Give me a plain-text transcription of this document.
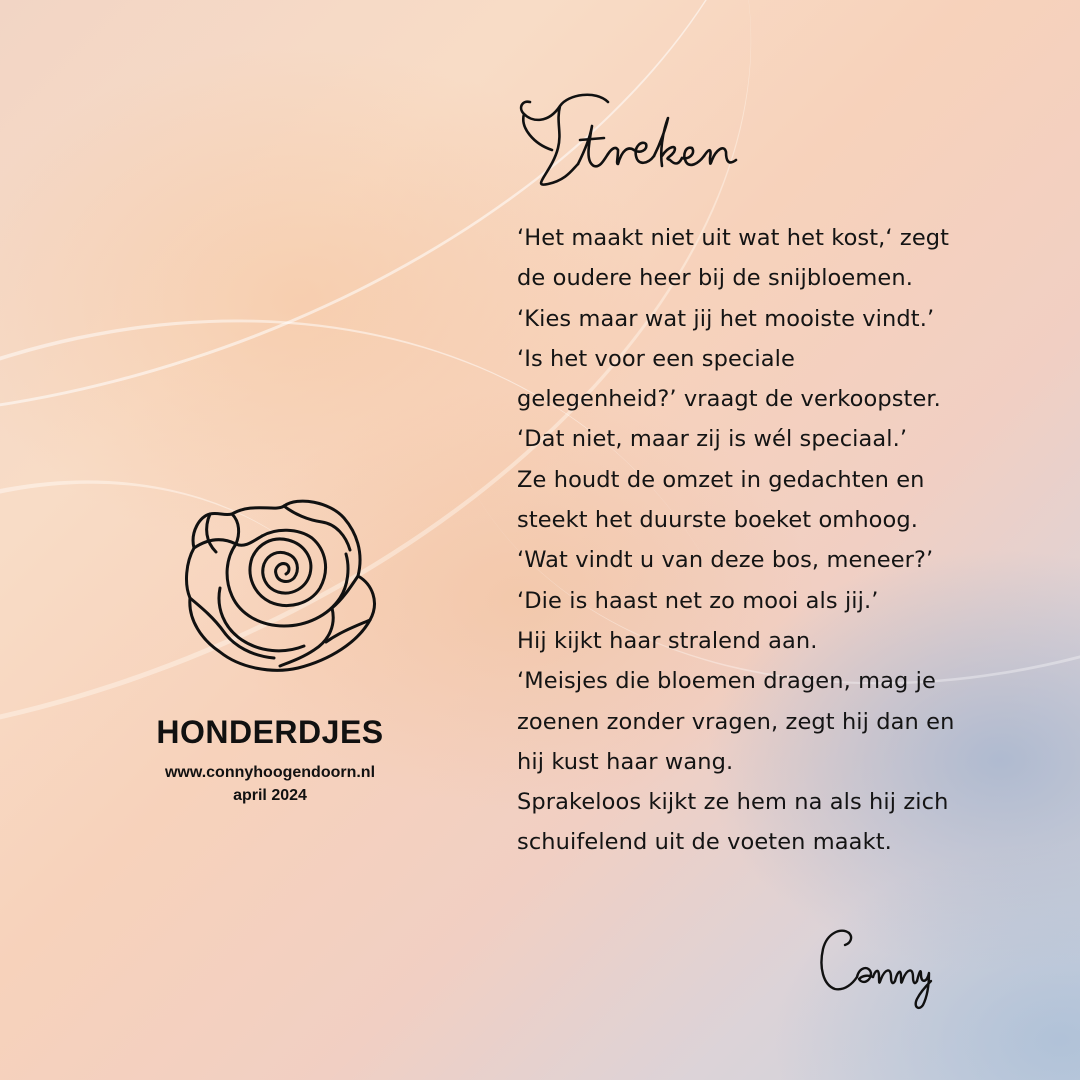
‘Het maakt niet uit wat het kost,‘ zegt
de oudere heer bij de snijbloemen.
‘Kies maar wat jij het mooiste vindt.’
‘Is het voor een speciale
gelegenheid?’ vraagt de verkoopster.
‘Dat niet, maar zij is wél speciaal.’
Ze houdt de omzet in gedachten en
steekt het duurste boeket omhoog.
‘Wat vindt u van deze bos, meneer?’
‘Die is haast net zo mooi als jij.’
Hij kijkt haar stralend aan.
‘Meisjes die bloemen dragen, mag je
zoenen zonder vragen, zegt hij dan en
hij kust haar wang.
Sprakeloos kijkt ze hem na als hij zich
schuifelend uit de voeten maakt.
HONDERDJES
www.connyhoogendoorn.nl
april 2024
